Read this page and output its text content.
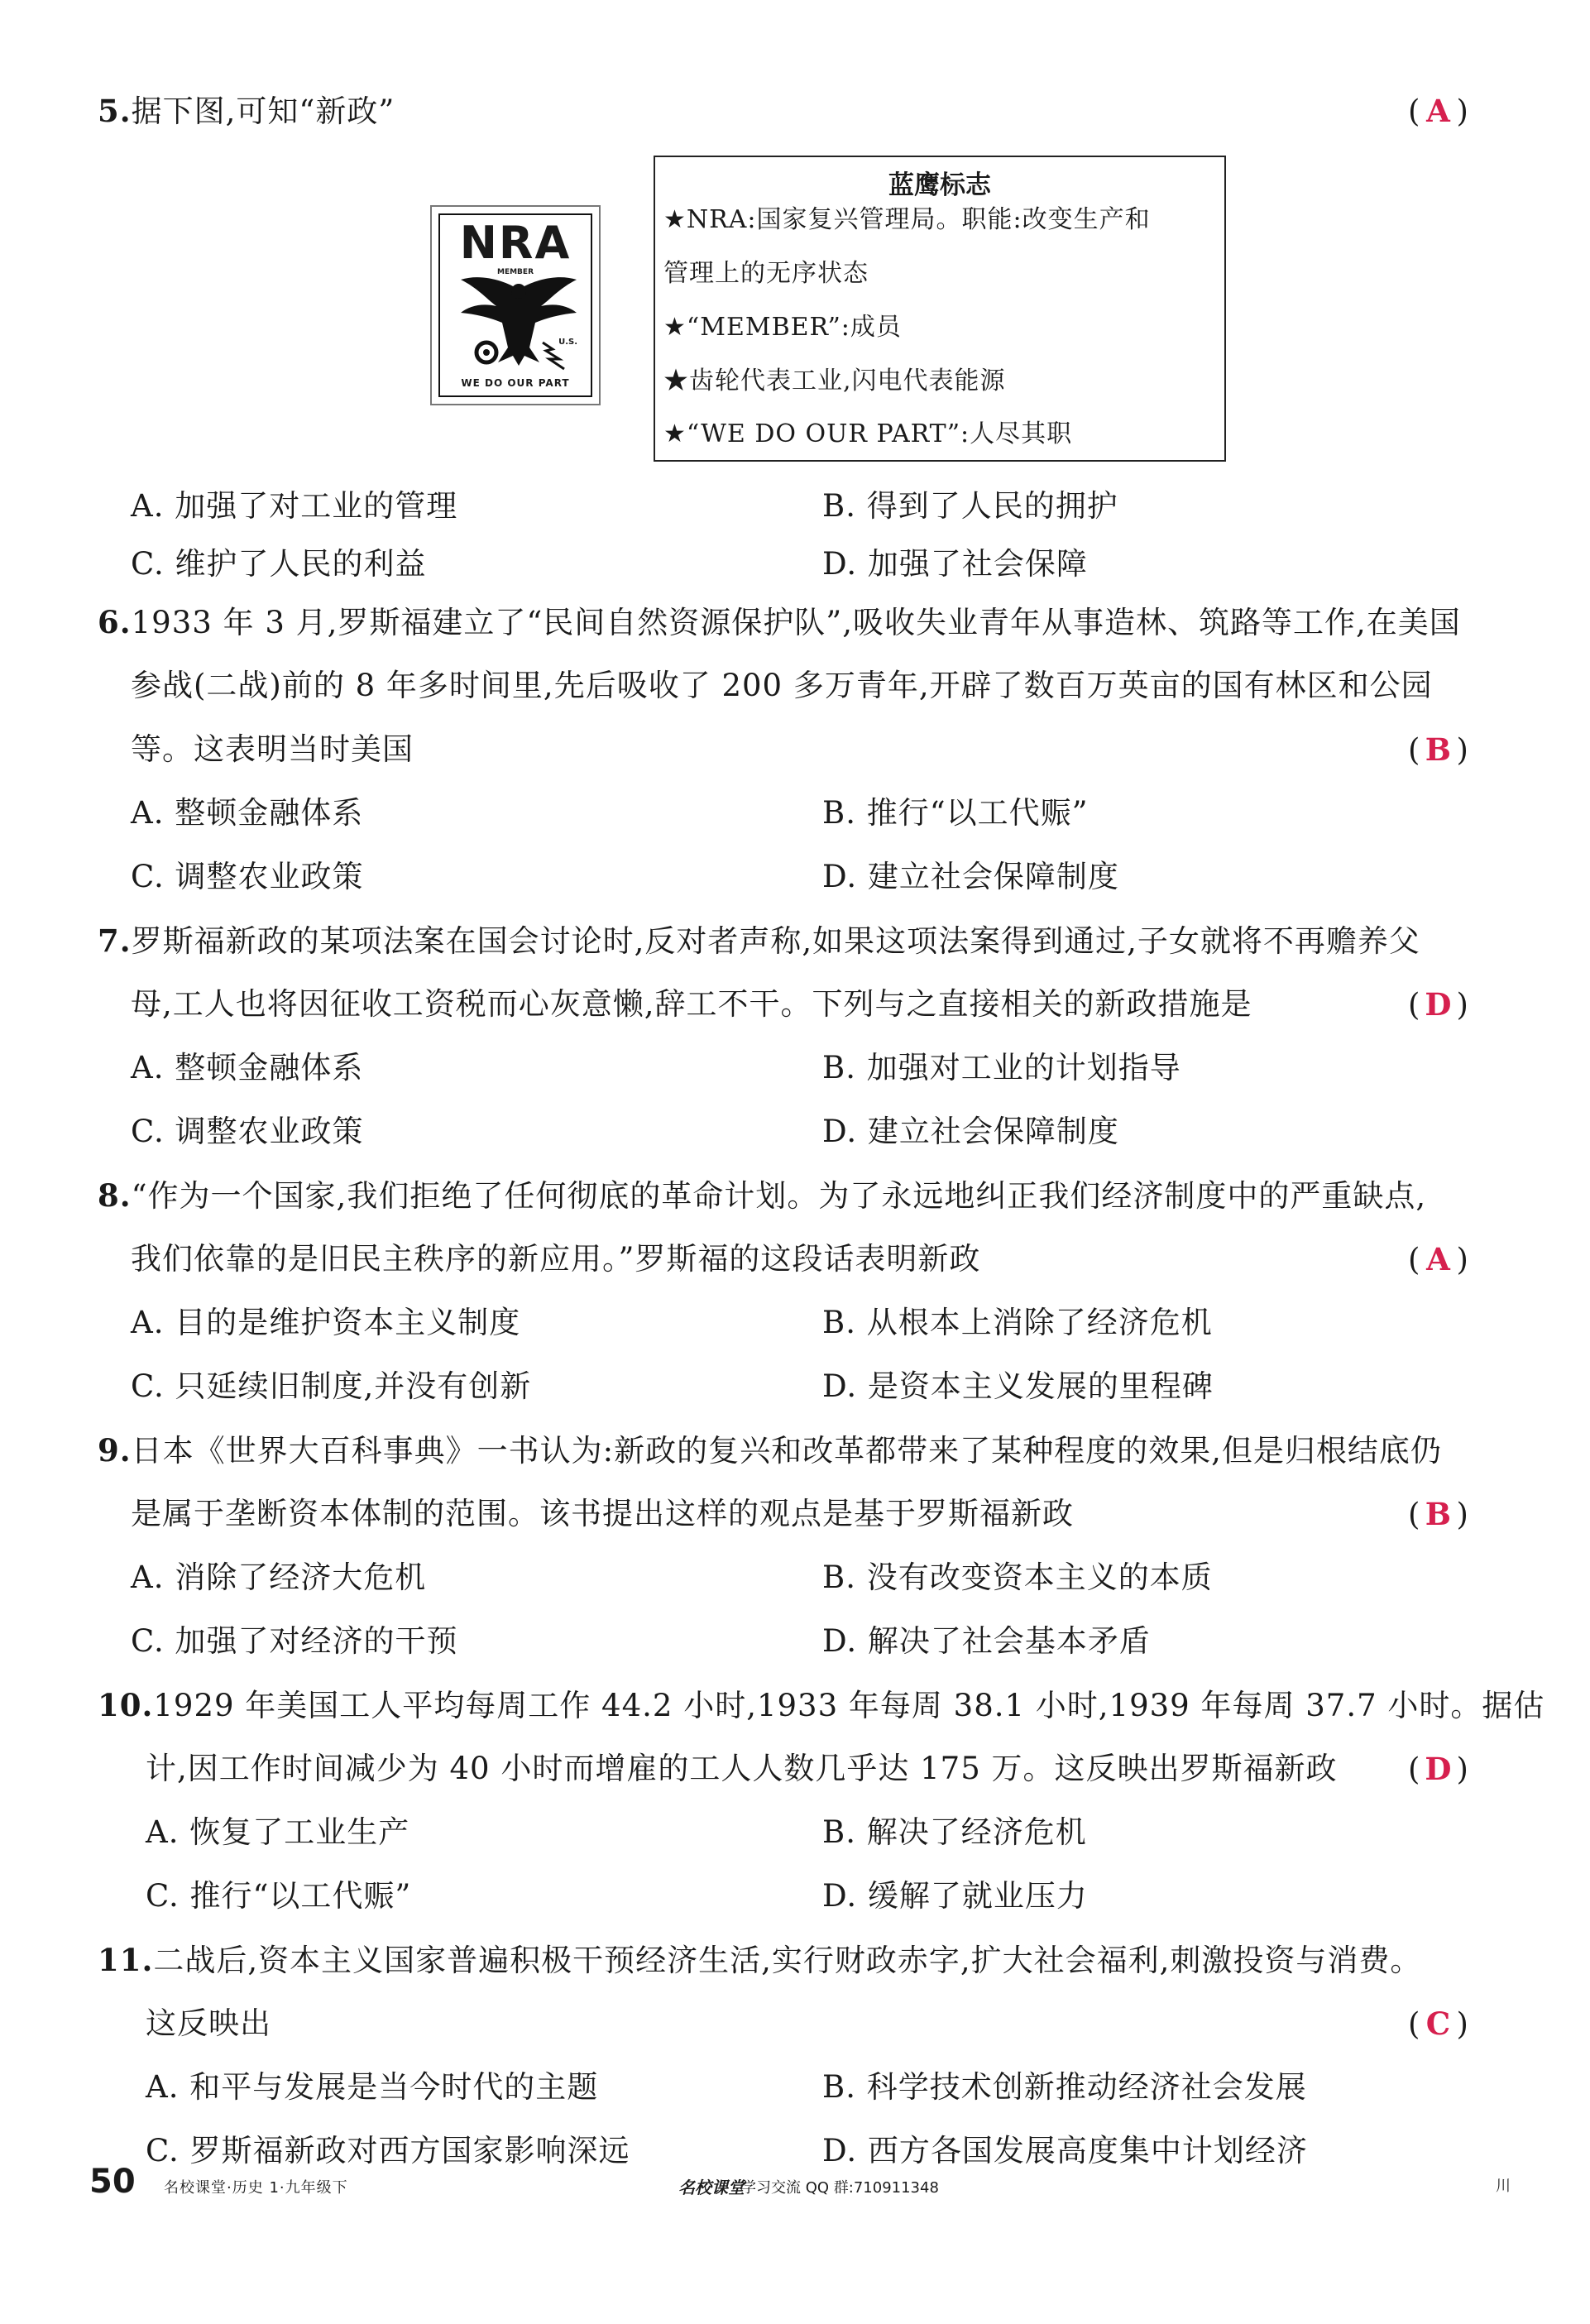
5.据下图,可知“新政”	( A )
NRA
MEMBER
U.S.
WE DO OUR PART
蓝鹰标志
★NRA:国家复兴管理局。职能:改变生产和
管理上的无序状态
★“MEMBER”:成员
★齿轮代表工业,闪电代表能源
★“WE DO OUR PART”:人尽其职
A. 加强了对工业的管理	B. 得到了人民的拥护
C. 维护了人民的利益	D. 加强了社会保障
6.1933 年 3 月,罗斯福建立了“民间自然资源保护队”,吸收失业青年从事造林、筑路等工作,在美国
参战(二战)前的 8 年多时间里,先后吸收了 200 多万青年,开辟了数百万英亩的国有林区和公园
等。这表明当时美国	( B )
A. 整顿金融体系	B. 推行“以工代赈”
C. 调整农业政策	D. 建立社会保障制度
7.罗斯福新政的某项法案在国会讨论时,反对者声称,如果这项法案得到通过,子女就将不再赡养父
母,工人也将因征收工资税而心灰意懒,辞工不干。下列与之直接相关的新政措施是	( D )
A. 整顿金融体系	B. 加强对工业的计划指导
C. 调整农业政策	D. 建立社会保障制度
8.“作为一个国家,我们拒绝了任何彻底的革命计划。为了永远地纠正我们经济制度中的严重缺点,
我们依靠的是旧民主秩序的新应用。”罗斯福的这段话表明新政	( A )
A. 目的是维护资本主义制度	B. 从根本上消除了经济危机
C. 只延续旧制度,并没有创新	D. 是资本主义发展的里程碑
9.日本《世界大百科事典》一书认为:新政的复兴和改革都带来了某种程度的效果,但是归根结底仍
是属于垄断资本体制的范围。该书提出这样的观点是基于罗斯福新政	( B )
A. 消除了经济大危机	B. 没有改变资本主义的本质
C. 加强了对经济的干预	D. 解决了社会基本矛盾
10.1929 年美国工人平均每周工作 44.2 小时,1933 年每周 38.1 小时,1939 年每周 37.7 小时。据估
计,因工作时间减少为 40 小时而增雇的工人人数几乎达 175 万。这反映出罗斯福新政 ( D )
A. 恢复了工业生产	B. 解决了经济危机
C. 推行“以工代赈”	D. 缓解了就业压力
11.二战后,资本主义国家普遍积极干预经济生活,实行财政赤字,扩大社会福利,刺激投资与消费。
这反映出	( C )
A. 和平与发展是当今时代的主题	B. 科学技术创新推动经济社会发展
C. 罗斯福新政对西方国家影响深远	D. 西方各国发展高度集中计划经济
50 名校课堂·历史 1·九年级下	名校课堂
学习交流 QQ 群:710911348	川
